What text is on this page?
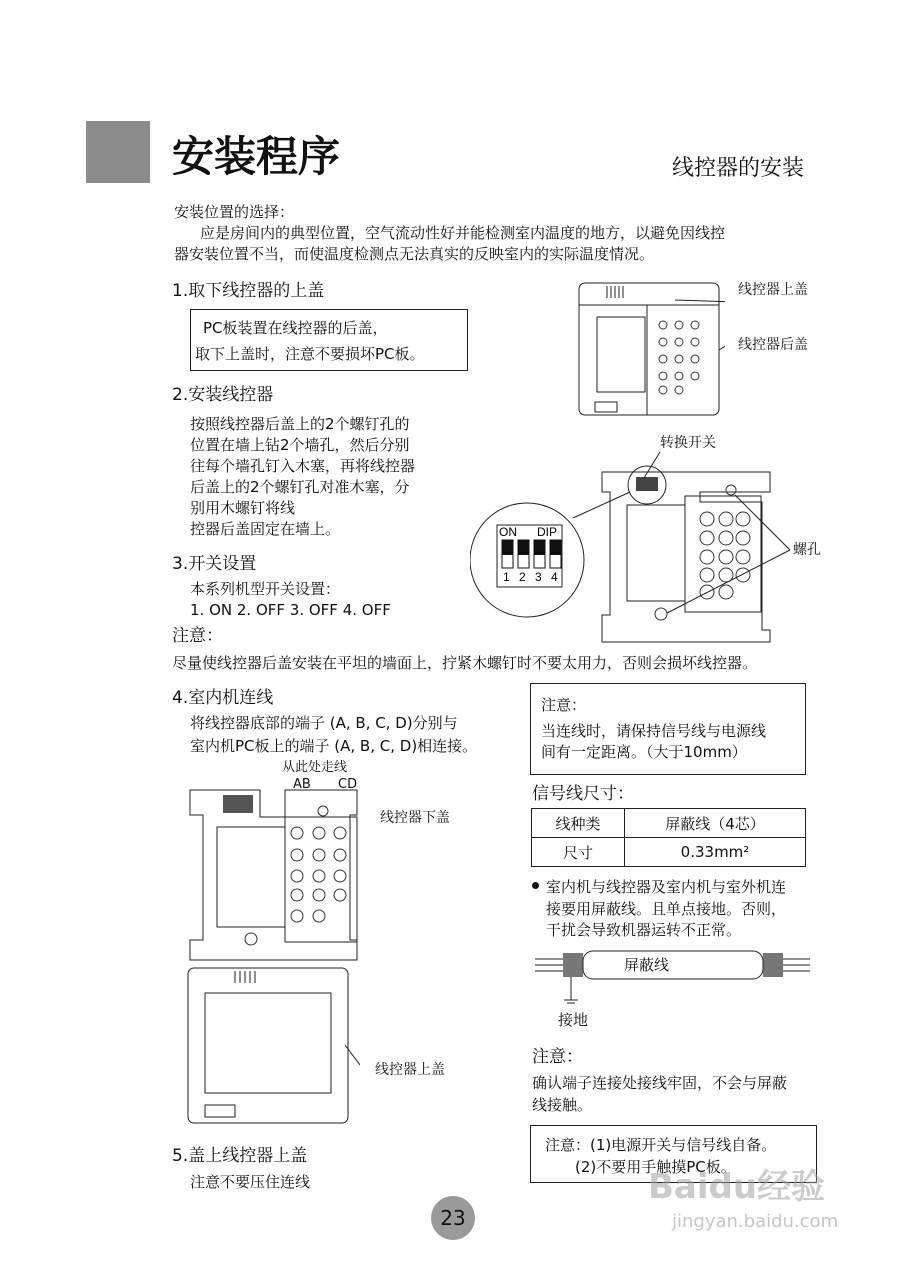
安装程序	线控器的安装
安装位置的选择：
应是房间内的典型位置，空气流动性好并能检测室内温度的地方，以避免因线控
器安装位置不当，而使温度检测点无法真实的反映室内的实际温度情况。
1.取下线控器的上盖
PC板装置在线控器的后盖，
取下上盖时，注意不要损坏PC板。
线控器上盖
线控器后盖
2.安装线控器
按照线控器后盖上的2个螺钉孔的
位置在墙上钻2个墙孔，然后分别
往每个墙孔钉入木塞，再将线控器
后盖上的2个螺钉孔对准木塞，分
别用木螺钉将线
控器后盖固定在墙上。	ON DIP
1 2 3 4
转换开关
螺孔
3.开关设置
本系列机型开关设置：
1. ON 2. OFF 3. OFF 4. OFF
注意：
尽量使线控器后盖安装在平坦的墙面上，拧紧木螺钉时不要太用力，否则会损坏线控器。
4.室内机连线
将线控器底部的端子 (A, B, C, D)分别与
室内机PC板上的端子 (A, B, C, D)相连接。
注意：
当连线时，请保持信号线与电源线
间有一定距离。（大于10mm）
从此处走线
AB CD
线控器下盖
线控器上盖
信号线尺寸：
线种类	屏蔽线（4芯）
尺寸	0.33mm²
室内机与线控器及室内机与室外机连
接要用屏蔽线。且单点接地。否则，
干扰会导致机器运转不正常。
屏蔽线
接地
注意：
确认端子连接处接线牢固，不会与屏蔽
线接触。
注意：(1)电源开关与信号线自备。
(2)不要用手触摸PC板。
5.盖上线控器上盖
注意不要压住连线
23
Baidu经验
jingyan.baidu.com
